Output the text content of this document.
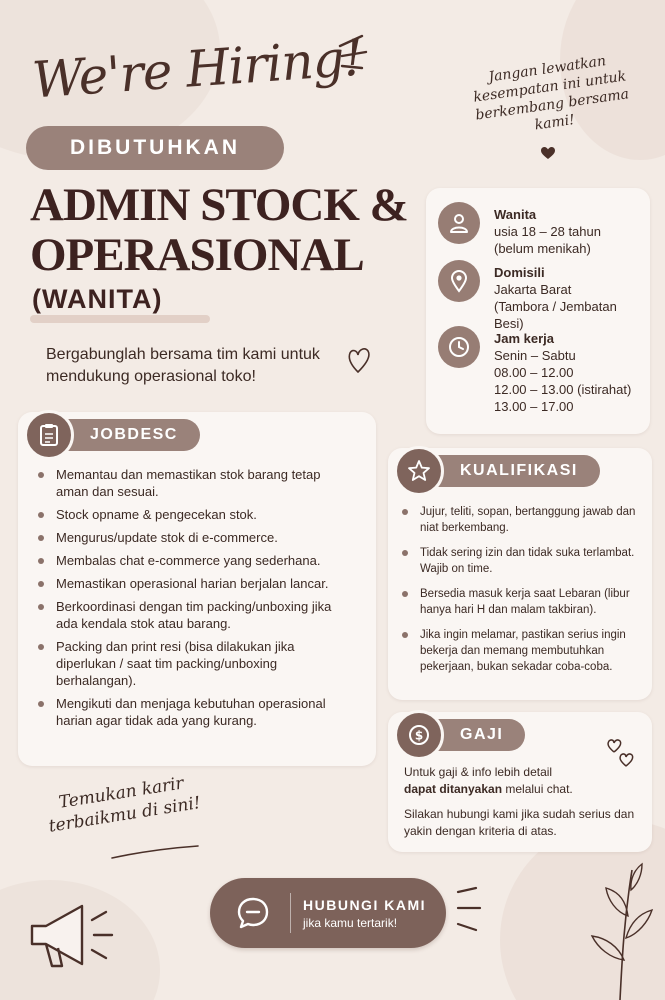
We're Hiring!	Jangan lewatkan kesempatan ini untuk berkembang bersama kami!
DIBUTUHKAN
ADMIN STOCK &
OPERASIONAL
(WANITA)
Bergabunglah bersama tim kami untuk mendukung operasional toko!
Wanita
usia 18 – 28 tahun
(belum menikah)
Domisili
Jakarta Barat
(Tambora / Jembatan Besi)
Jam kerja
Senin – Sabtu
08.00 – 12.00
12.00 – 13.00 (istirahat)
13.00 – 17.00
JOBDESC
Memantau dan memastikan stok barang tetap aman dan sesuai.
Stock opname & pengecekan stok.
Mengurus/update stok di e-commerce.
Membalas chat e-commerce yang sederhana.
Memastikan operasional harian berjalan lancar.
Berkoordinasi dengan tim packing/unboxing jika ada kendala stok atau barang.
Packing dan print resi (bisa dilakukan jika diperlukan / saat tim packing/unboxing berhalangan).
Mengikuti dan menjaga kebutuhan operasional harian agar tidak ada yang kurang.
KUALIFIKASI
Jujur, teliti, sopan, bertanggung jawab dan niat berkembang.
Tidak sering izin dan tidak suka terlambat. Wajib on time.
Bersedia masuk kerja saat Lebaran (libur hanya hari H dan malam takbiran).
Jika ingin melamar, pastikan serius ingin bekerja dan memang membutuhkan pekerjaan, bukan sekadar coba-coba.
$	GAJI
Untuk gaji & info lebih detail
dapat ditanyakan melalui chat.
Silakan hubungi kami jika sudah serius dan yakin dengan kriteria di atas.
Temukan karir terbaikmu di sini!
HUBUNGI KAMI
jika kamu tertarik!
